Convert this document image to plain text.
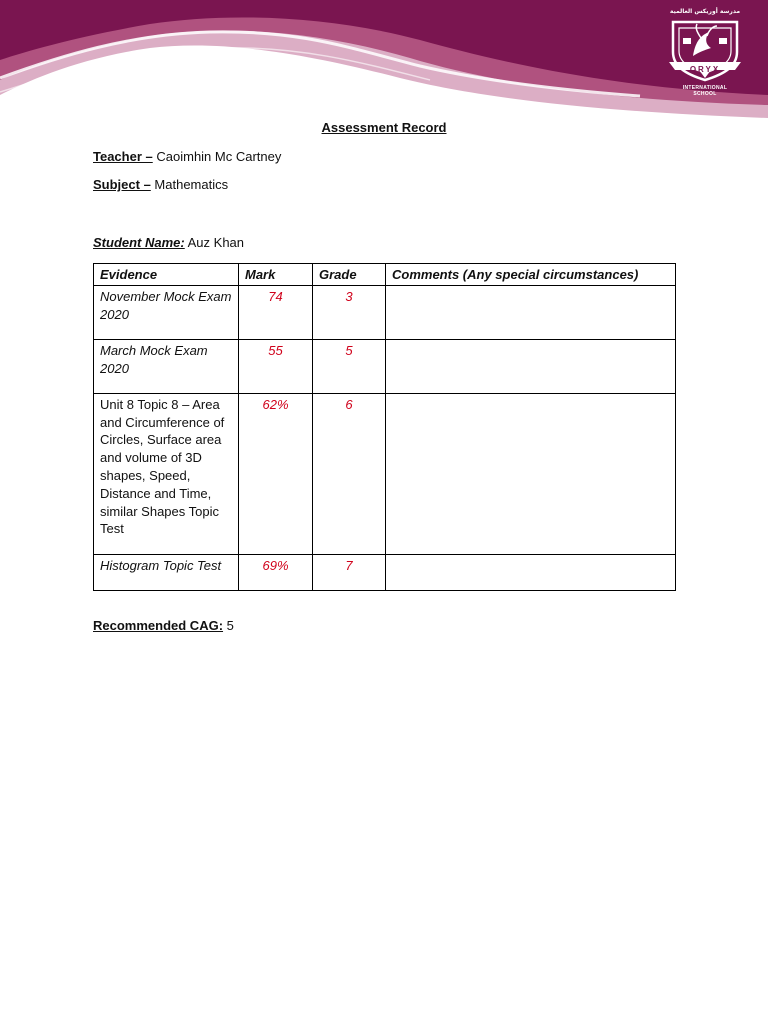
مدرسة أوريكس العالمية
ORYX
INTERNATIONAL
SCHOOL
Assessment Record
Teacher – Caoimhin Mc Cartney
Subject – Mathematics
Student Name: Auz Khan
Evidence	Mark	Grade	Comments (Any special circumstances)
November Mock Exam 2020	74	3	
March Mock Exam 2020	55	5	
Unit 8 Topic 8 – Area and Circumference of Circles, Surface area and volume of 3D shapes, Speed, Distance and Time, similar Shapes Topic Test	62%	6	
Histogram Topic Test	69%	7	
Recommended CAG: 5
